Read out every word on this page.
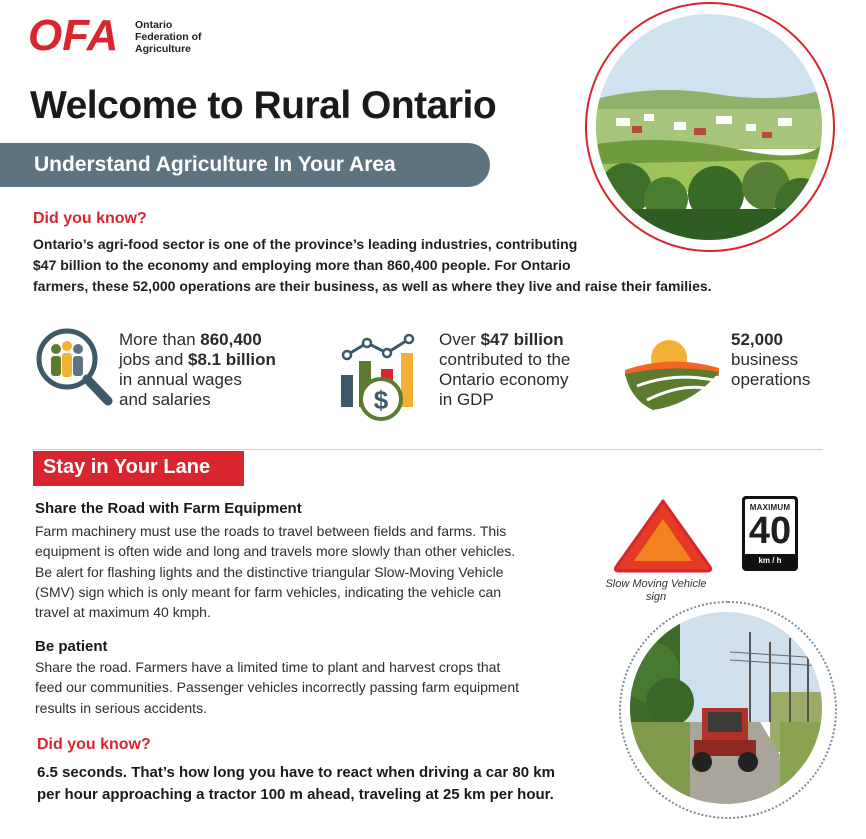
OFA Ontario
Federation of
Agriculture
Welcome to Rural Ontario
Understand Agriculture In Your Area
Did you know?
Ontario’s agri-food sector is one of the province’s leading industries, contributing
$47 billion to the economy and employing more than 860,400 people. For Ontario
farmers, these 52,000 operations are their business, as well as where they live and raise their families.
More than 860,400
jobs and $8.1 billion
in annual wages
and salaries	$
Over $47 billion
contributed to the
Ontario economy
in GDP
52,000
business
operations
Stay in Your Lane
Share the Road with Farm Equipment
Farm machinery must use the roads to travel between fields and farms. This
equipment is often wide and long and travels more slowly than other vehicles.
Be alert for flashing lights and the distinctive triangular Slow-Moving Vehicle
(SMV) sign which is only meant for farm vehicles, indicating the vehicle can
travel at maximum 40 kmph.
Be patient
Share the road. Farmers have a limited time to plant and harvest crops that
feed our communities. Passenger vehicles incorrectly passing farm equipment
results in serious accidents.
Slow Moving Vehicle
sign
MAXIMUM
40
km / h
Did you know?
6.5 seconds. That’s how long you have to react when driving a car 80 km
per hour approaching a tractor 100 m ahead, traveling at 25 km per hour.
